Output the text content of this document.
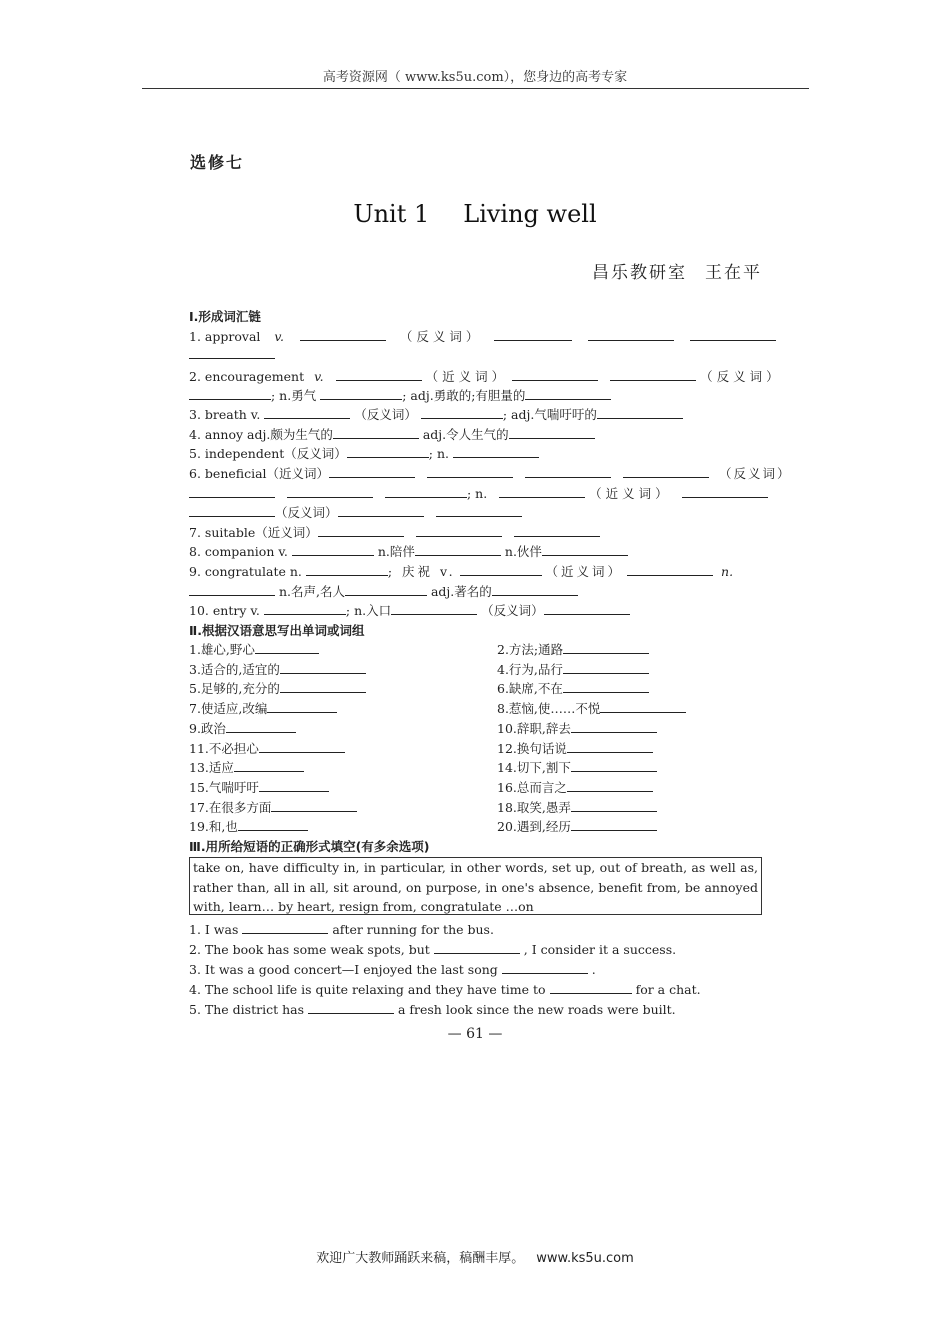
高考资源网（ www.ks5u.com），您身边的高考专家
选修七
Unit 1 Living well
昌乐教研室 王在平
Ⅰ.形成词汇链
1. approval v.	（反义词）
2. encouragement v.	（近义词）	（反义词）
; n.勇气	; adj.勇敢的;有胆量的
3. breath v.	（反义词）	; adj.气喘吁吁的
4. annoy adj.颇为生气的	adj.令人生气的
5. independent（反义词）	; n.
6. beneficial（近义词）	（反义词）
; n.	（近义词）
（反义词）
7. suitable（近义词）
8. companion v.	n.陪伴	n.伙伴
9. congratulate n.	; 庆祝 v.	（近义词）	n.
n.名声,名人	adj.著名的
10. entry v.	; n.入口	（反义词）
Ⅱ.根据汉语意思写出单词或词组
1.雄心,野心	2.方法;通路
3.适合的,适宜的	4.行为,品行
5.足够的,充分的	6.缺席,不在
7.使适应,改编	8.惹恼,使……不悦
9.政治	10.辞职,辞去
11.不必担心	12.换句话说
13.适应	14.切下,割下
15.气喘吁吁	16.总而言之
17.在很多方面	18.取笑,愚弄
19.和,也	20.遇到,经历
Ⅲ.用所给短语的正确形式填空(有多余选项)
take on, have difficulty in, in particular, in other words, set up, out of breath, as well as, rather than, all in all, sit around, on purpose, in one's absence, benefit from, be annoyed with, learn… by heart, resign from, congratulate …on
1. I was	after running for the bus.
2. The book has some weak spots, but	, I consider it a success.
3. It was a good concert—I enjoyed the last song	.
4. The school life is quite relaxing and they have time to	for a chat.
5. The district has	a fresh look since the new roads were built.
— 61 —
欢迎广大教师踊跃来稿，稿酬丰厚。 www.ks5u.com
